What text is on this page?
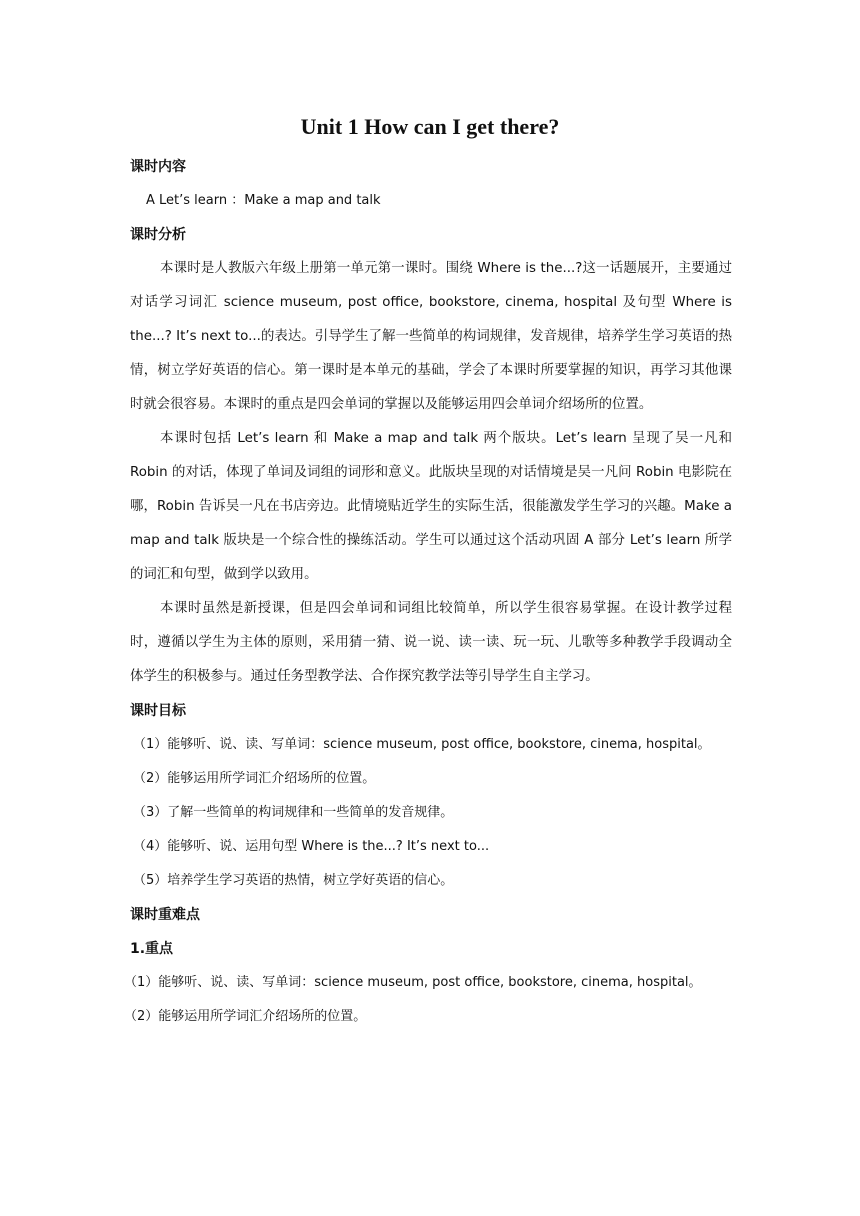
Unit 1 How can I get there?
课时内容
A Let’s learn ：Make a map and talk
课时分析

本课时是人教版六年级上册第一单元第一课时。围绕 Where is the...?这一话题展开，主要通过对话学习词汇 science museum, post office, bookstore, cinema, hospital 及句型 Where is the...? It’s next to...的表达。引导学生了解一些简单的构词规律，发音规律，培养学生学习英语的热情，树立学好英语的信心。第一课时是本单元的基础，学会了本课时所要掌握的知识，再学习其他课时就会很容易。本课时的重点是四会单词的掌握以及能够运用四会单词介绍场所的位置。

本课时包括 Let’s learn 和 Make a map and talk 两个版块。Let’s learn 呈现了吴一凡和 Robin 的对话，体现了单词及词组的词形和意义。此版块呈现的对话情境是吴一凡问 Robin 电影院在哪，Robin 告诉吴一凡在书店旁边。此情境贴近学生的实际生活，很能激发学生学习的兴趣。Make a map and talk 版块是一个综合性的操练活动。学生可以通过这个活动巩固 A 部分 Let’s learn 所学的词汇和句型，做到学以致用。

本课时虽然是新授课，但是四会单词和词组比较简单，所以学生很容易掌握。在设计教学过程时，遵循以学生为主体的原则，采用猜一猜、说一说、读一读、玩一玩、儿歌等多种教学手段调动全体学生的积极参与。通过任务型教学法、合作探究教学法等引导学生自主学习。

课时目标
（1）能够听、说、读、写单词：science museum, post office, bookstore, cinema, hospital。
（2）能够运用所学词汇介绍场所的位置。
（3）了解一些简单的构词规律和一些简单的发音规律。
（4）能够听、说、运用句型 Where is the...? It’s next to...
（5）培养学生学习英语的热情，树立学好英语的信心。
课时重难点
1.重点
（1）能够听、说、读、写单词：science museum, post office, bookstore, cinema, hospital。
（2）能够运用所学词汇介绍场所的位置。
